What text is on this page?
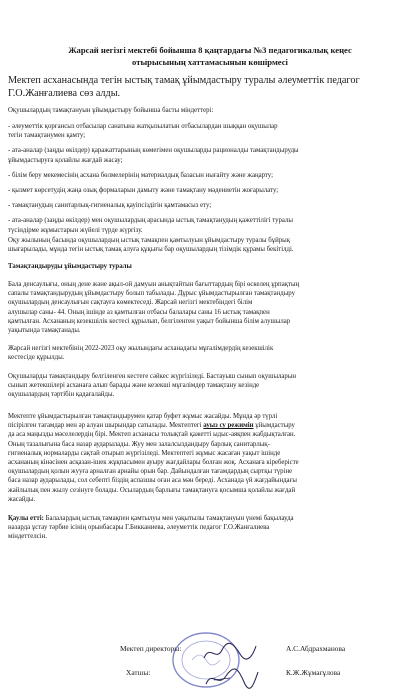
Жарсай негізгі мектебі бойынша 8 қаңтардағы №3 педагогикалық кеңес
отырысының хаттамасынын көшірмесі
Мектеп асханасында тегін ыстық тамақ ұйымдастыру туралы әлеуметтік педагог
Г.О.Жанғалиева сөз алды.
Оқушылардың тамақтануын ұйымдастыру бойынша басты міндеттері:
- әлеуметтік қорғансыз отбасылар санатына жатқызылатын отбасылардан шыққан оқушылар
тегін тамақтанумен қамту;
- ата-аналар (заңды өкілдер) қаражаттарының көмегімен оқушыларды рационалды тамақтандыруды
ұйымдастыруға қолайлы жағдай жасау;
- білім беру мекемесінің асхана бөлмелерінің материалдық базасын нығайту және жаңарту;
- қызмет көрсетудің жаңа озық формаларын дамыту және тамақтану мәдениетін жоғарылату;
- тамақтанудың санитарлық-гигиеналық қауіпсіздігін қамтамасыз ету;
- ата-аналар (заңды өкілдер) мен оқушылардың арасында ыстық тамақтанудың қажеттілігі туралы
түсіндірме жұмыстарын жүйелі түрде жүргізу.
Оқу жылының басында оқушылардың ыстық тамақпен қамтылуын ұйымдастыру туралы бұйрық
шығарылады, мұнда тегін ыстық тамақ алуға құқығы бар оқушылардың тізімдік құрамы бекітілді.
Тамақтандыруды ұйымдастыру туралы
Бала денсаулығы, оның дене және ақыл-ой дамуын анықтайтын бағыттардың бірі өскелең ұрпақтың
сапалы тамақтандырудың ұйымдастыру болып табылады. Дұрыс ұйымдастырылған тамақтандыру
оқушылардың денсаулығын сақтауға көмектеседі. Жарсай негізгі мектебіндегі білім
алушылар саны- 44. Оның ішінде аз қамтылған отбасы балалары саны 16 ыстық тамақпен
қамтылған. Асхананың кезекшілік кестесі құрылып, белгіленген уақыт бойынша білім алушылар
уақытында тамақтанады.
Жарсай негізгі мектебінің 2022-2023 оқу жылындағы асханадағы мұғалімдердің кезекшілік
кестесіде құрылды.
Оқушыларды тамақтандыру белгіленген кестеге сәйкес жүргізіледі. Бастауыш сынып оқушыларын
сынып жетекшілері асханаға алып барады және кезекші мұғалімдер тамақтану кезінде
оқушылардың тәртібін қадағалайды.
Мектепте ұйымдастырылған тамақтандырумен қатар буфет жұмыс жасайды. Мұнда әр түрлі
пісірілген тағамдар мен әр алуан шырындар сатылады. Мектептегі ауыз су режимін ұйымдастыру
да аса маңызды мәселелердің бірі. Мектеп асханасы толықтай қажетті ыдыс-аяқпен жабдықталған.
Оның тазалығына баса назар аударылады. Жуу мен залалсыздандыру барлық санитарлық-
гигиеналық нормаларды сақтай отырып жүргізіледі. Мектептегі жұмыс жасаған уақыт ішінде
асхананың кінәсінен асқазан-ішек жұқпасымен ауыру жағдайлары болған жоқ. Асханаға кіреберісте
оқушылардың қолын жууға арналған арнайы орын бар. Дайындалған тағамдардың сыртқы түріне
баса назар аударылады, сол себепті біздің аспазшы оған аса мән береді. Асханада үй жағдайындағы
жайлылық пен жылу сезінуге болады. Осылардың барлығы тамақтануға қосымша қолайлы жағдай
жасайды.
Қаулы етті: Балалардың ыстық тамақпен қамтылуы мен уақытылы тамақтануын үнемі бақылауда
назарда ұстау тәрбие ісінің орынбасары Г.Бикканиева, әлеуметтік педагог Г.О.Жанғалиева
міндеттелсін.
Мектеп директоры:	А.С.Абдрахманова
Хатшы:	К.Ж.Жұмағұлова
